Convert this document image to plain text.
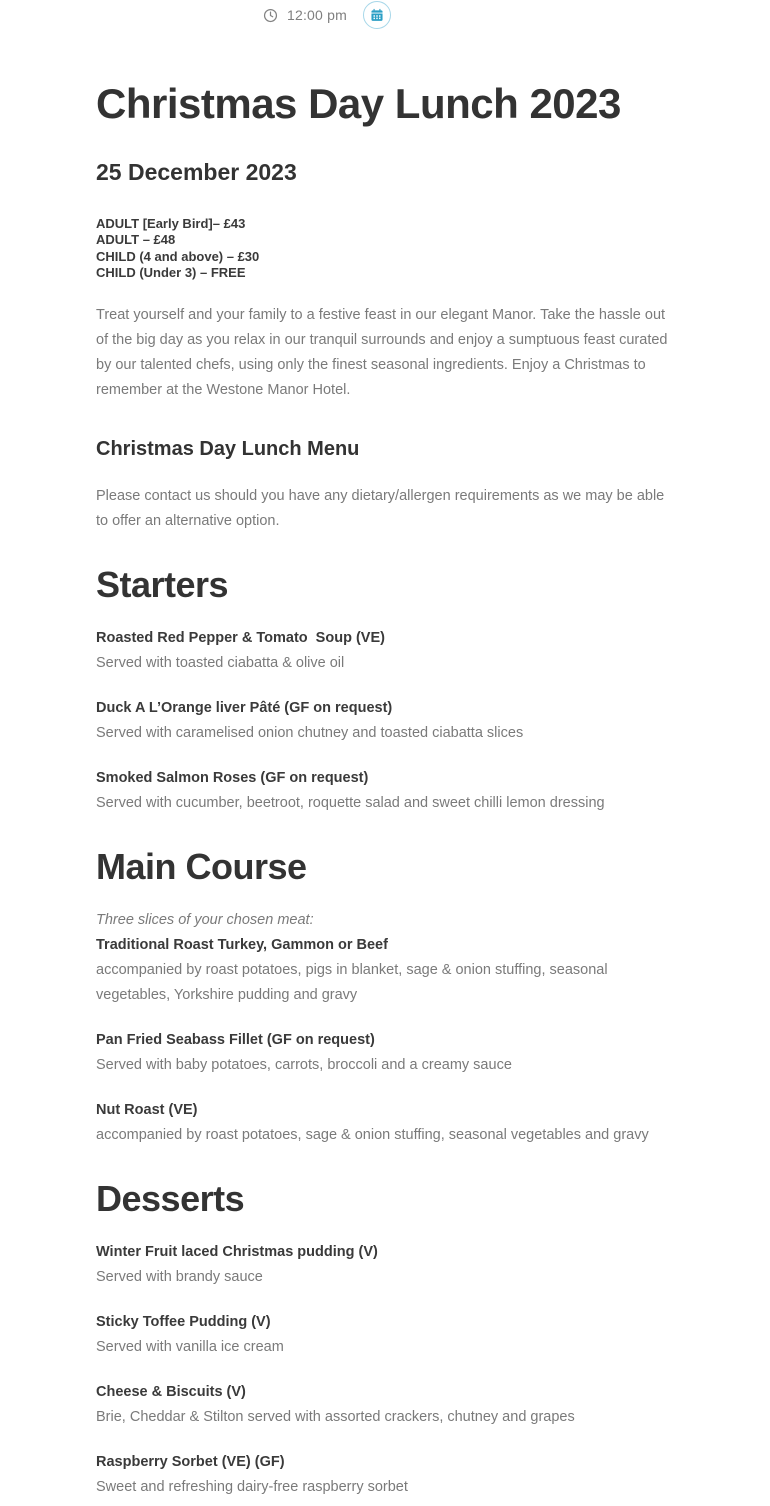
12:00 pm
Christmas Day Lunch 2023
25 December 2023
ADULT [Early Bird]– £43
ADULT – £48
CHILD (4 and above) – £30
CHILD (Under 3) – FREE

Treat yourself and your family to a festive feast in our elegant Manor. Take the hassle out of the big day as you relax in our tranquil surrounds and enjoy a sumptuous feast curated by our talented chefs, using only the finest seasonal ingredients. Enjoy a Christmas to remember at the Westone Manor Hotel.

Christmas Day Lunch Menu

Please contact us should you have any dietary/allergen requirements as we may be able to offer an alternative option.

Starters
Roasted Red Pepper & Tomato  Soup (VE)
Served with toasted ciabatta & olive oil
Duck A L’Orange liver Pâté (GF on request)
Served with caramelised onion chutney and toasted ciabatta slices
Smoked Salmon Roses (GF on request)
Served with cucumber, beetroot, roquette salad and sweet chilli lemon dressing
Main Course
Three slices of your chosen meat:
Traditional Roast Turkey, Gammon or Beef
accompanied by roast potatoes, pigs in blanket, sage & onion stuffing, seasonal vegetables, Yorkshire pudding and gravy
Pan Fried Seabass Fillet (GF on request)
Served with baby potatoes, carrots, broccoli and a creamy sauce
Nut Roast (VE)
accompanied by roast potatoes, sage & onion stuffing, seasonal vegetables and gravy
Desserts
Winter Fruit laced Christmas pudding (V)
Served with brandy sauce
Sticky Toffee Pudding (V)
Served with vanilla ice cream
Cheese & Biscuits (V)
Brie, Cheddar & Stilton served with assorted crackers, chutney and grapes
Raspberry Sorbet (VE) (GF)
Sweet and refreshing dairy-free raspberry sorbet
